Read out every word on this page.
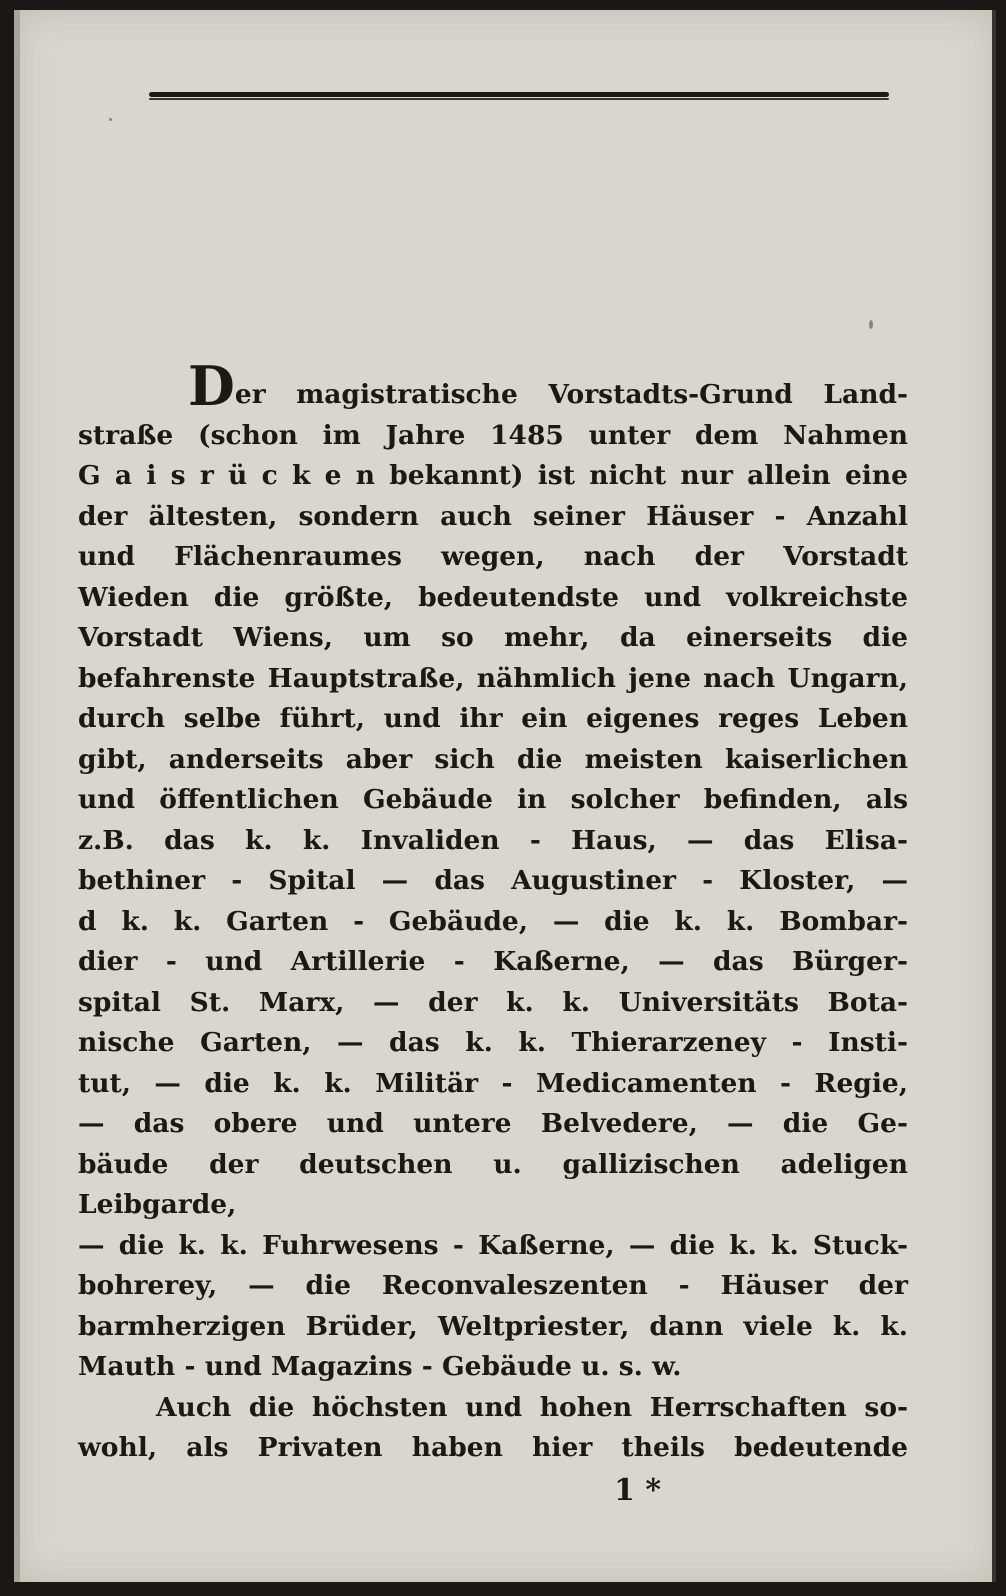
Der magistratische Vorstadts-Grund Land-

straße (schon im Jahre 1485 unter dem Nahmen

G a i s r ü c k e n bekannt) ist nicht nur allein eine

der ältesten, sondern auch seiner Häuser - Anzahl

und Flächenraumes wegen, nach der Vorstadt

Wieden die größte, bedeutendste und volkreichste

Vorstadt Wiens, um so mehr, da einerseits die

befahrenste Hauptstraße, nähmlich jene nach Ungarn,

durch selbe führt, und ihr ein eigenes reges Leben

gibt, anderseits aber sich die meisten kaiserlichen

und öffentlichen Gebäude in solcher befinden, als

z.B. das k. k. Invaliden - Haus, — das Elisa-

bethiner - Spital — das Augustiner - Kloster, —

d k. k. Garten - Gebäude, — die k. k. Bombar-

dier - und Artillerie - Kaßerne, — das Bürger-

spital St. Marx, — der k. k. Universitäts Bota-

nische Garten, — das k. k. Thierarzeney - Insti-

tut, — die k. k. Militär - Medicamenten - Regie,

— das obere und untere Belvedere, — die Ge-

bäude der deutschen u. gallizischen adeligen Leibgarde,

— die k. k. Fuhrwesens - Kaßerne, — die k. k. Stuck-

bohrerey, — die Reconvaleszenten - Häuser der

barmherzigen Brüder, Weltpriester, dann viele k. k.

Mauth - und Magazins - Gebäude u. s. w.

Auch die höchsten und hohen Herrschaften so-

wohl, als Privaten haben hier theils bedeutende

1 *
